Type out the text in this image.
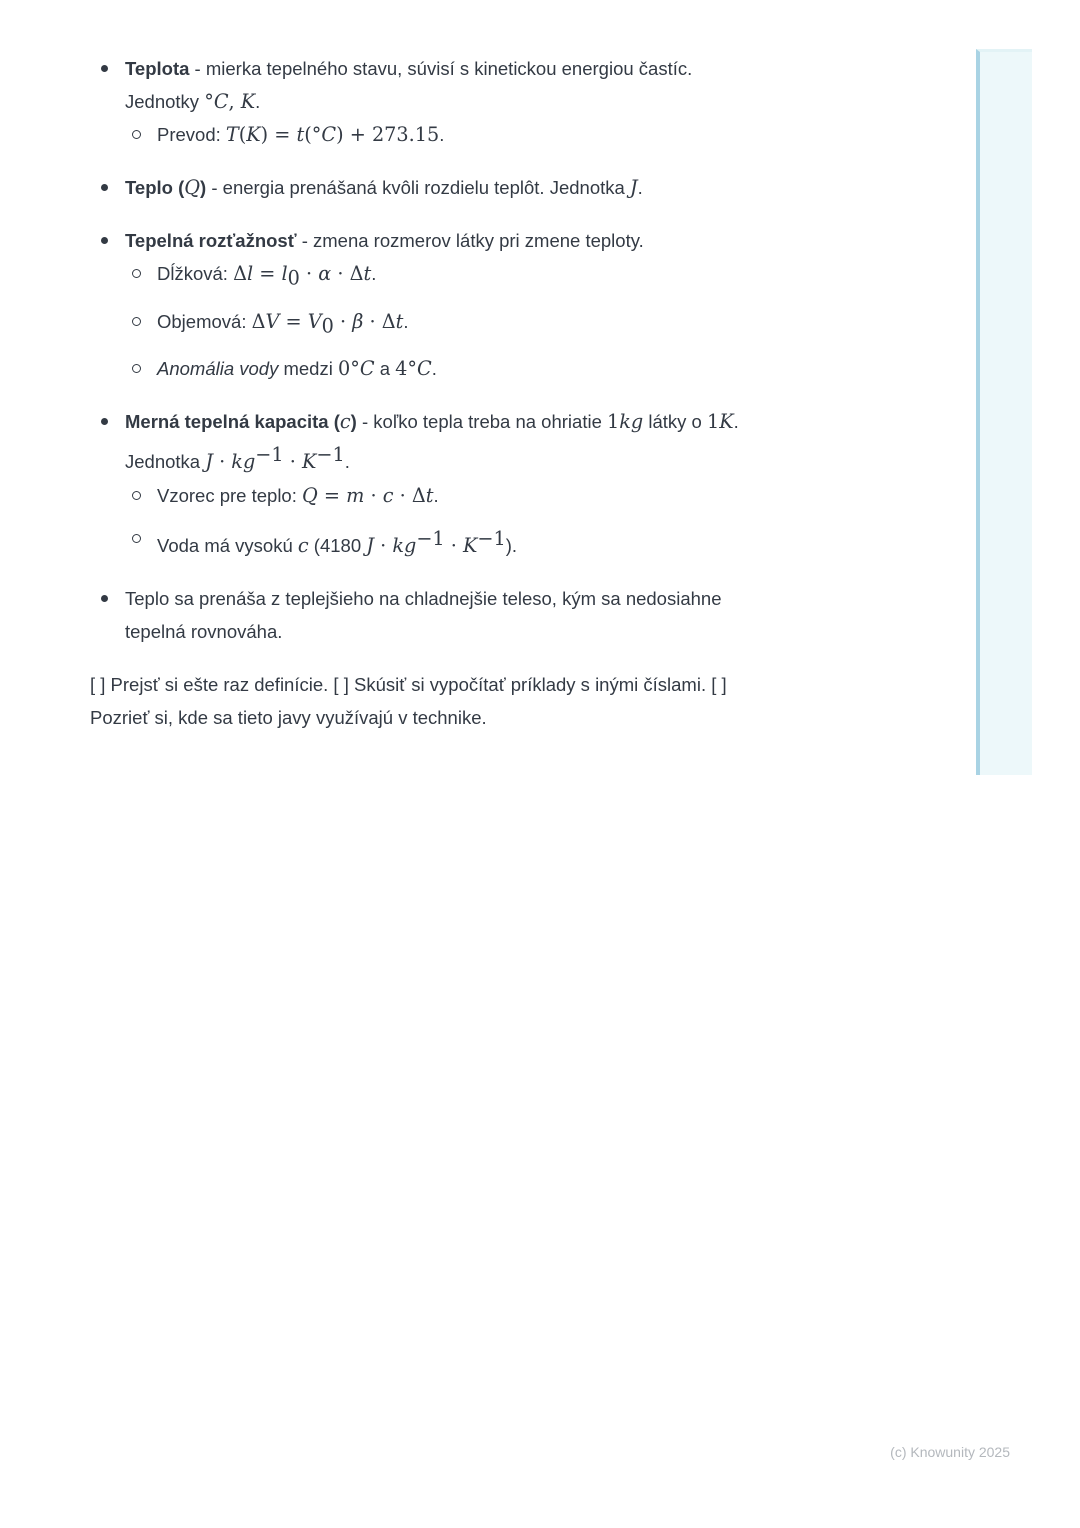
Teplota - mierka tepelného stavu, súvisí s kinetickou energiou častíc.
Jednotky °C, K.
Prevod: T(K) = t(°C) + 273.15.
Teplo (Q) - energia prenášaná kvôli rozdielu teplôt. Jednotka J.
Tepelná rozťažnosť - zmena rozmerov látky pri zmene teploty.
Dĺžková: $\Delta l = l_0 \cdot \alpha \cdot \Delta t$.
Objemová: $\Delta V = V_0 \cdot \beta \cdot \Delta t$.
Anomália vody medzi 0°C a 4°C.
Merná tepelná kapacita (c) - koľko tepla treba na ohriatie 1kg látky o 1K.
Jednotka $J \cdot kg^{-1} \cdot K^{-1}$.
Vzorec pre teplo: Q = m · c · Δt.
Voda má vysokú c (4180 $J \cdot kg^{-1} \cdot K^{-1}$).
Teplo sa prenáša z teplejšieho na chladnejšie teleso, kým sa nedosiahne
tepelná rovnováha.
[ ] Prejsť si ešte raz definície. [ ] Skúsiť si vypočítať príklady s inými číslami. [ ]
Pozrieť si, kde sa tieto javy využívajú v technike.
(c) Knowunity 2025
